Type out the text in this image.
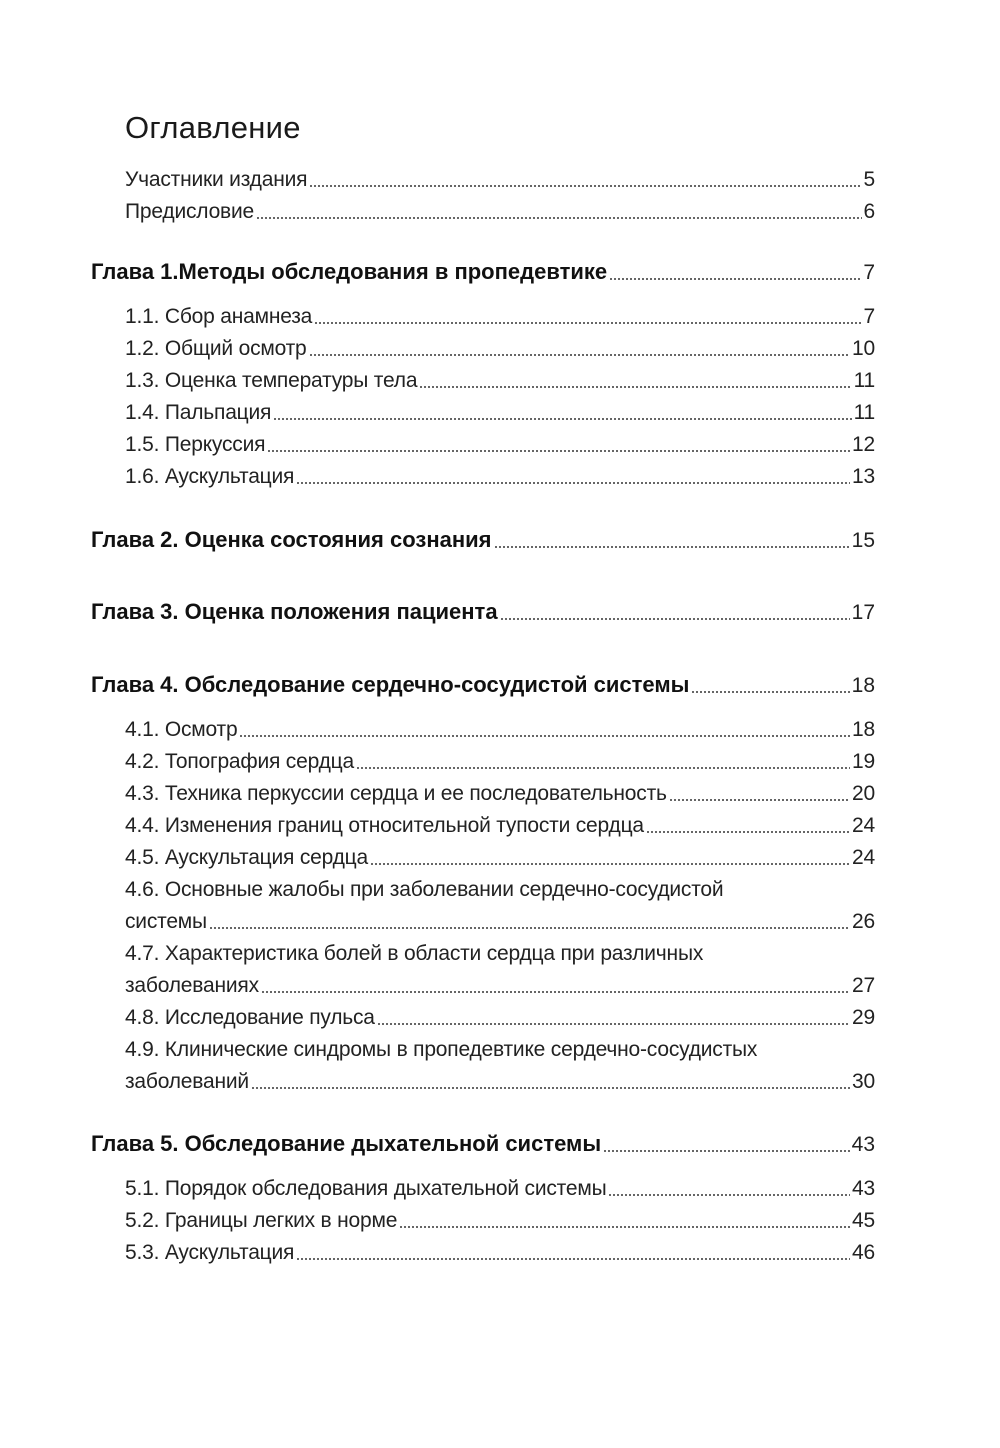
Оглавление
Участники издания	5
Предисловие	6
Глава 1.Методы обследования в пропедевтике	7
1.1. Сбор анамнеза	7
1.2. Общий осмотр	10
1.3. Оценка температуры тела	11
1.4. Пальпация	11
1.5. Перкуссия	12
1.6. Аускультация	13
Глава 2. Оценка состояния сознания	15
Глава 3. Оценка положения пациента	17
Глава 4. Обследование сердечно-сосудистой системы	18
4.1. Осмотр	18
4.2. Топография сердца	19
4.3. Техника перкуссии сердца и ее последовательность	20
4.4. Изменения границ относительной тупости сердца	24
4.5. Аускультация сердца	24
4.6. Основные жалобы при заболевании сердечно-сосудистой
системы	26
4.7. Характеристика болей в области сердца при различных
заболеваниях	27
4.8. Исследование пульса	29
4.9. Клинические синдромы в пропедевтике сердечно-сосудистых
заболеваний	30
Глава 5. Обследование дыхательной системы	43
5.1. Порядок обследования дыхательной системы	43
5.2. Границы легких в норме	45
5.3. Аускультация	46
